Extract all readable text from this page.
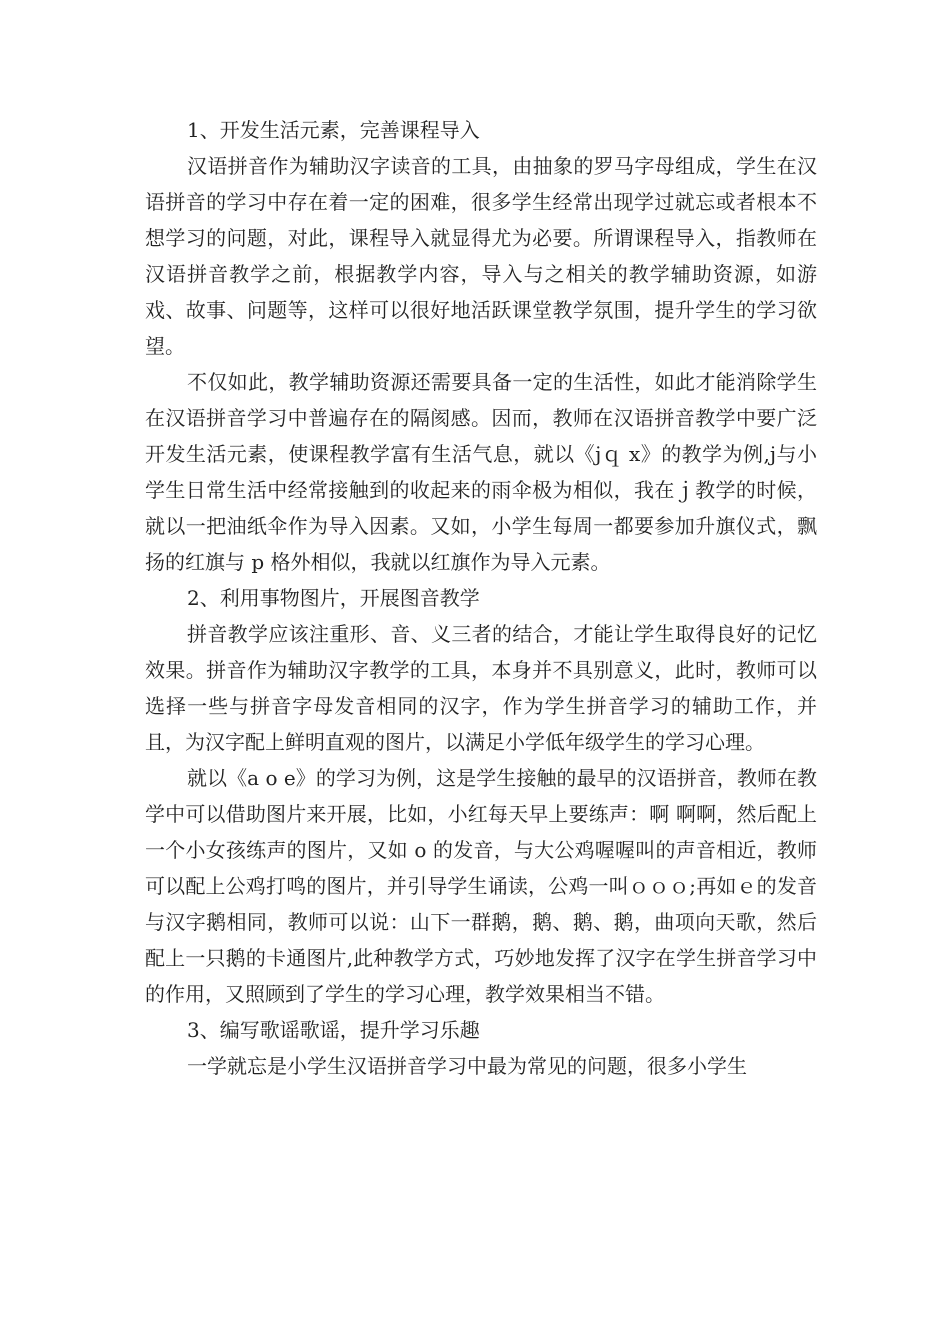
1、开发生活元素，完善课程导入

汉语拼音作为辅助汉字读音的工具，由抽象的罗马字母组成，学生在汉语拼音的学习中存在着一定的困难，很多学生经常出现学过就忘或者根本不想学习的问题，对此，课程导入就显得尤为必要。所谓课程导入，指教师在汉语拼音教学之前，根据教学内容，导入与之相关的教学辅助资源，如游戏、故事、问题等，这样可以很好地活跃课堂教学氛围，提升学生的学习欲望。

不仅如此，教学辅助资源还需要具备一定的生活性，如此才能消除学生在汉语拼音学习中普遍存在的隔阂感。因而，教师在汉语拼音教学中要广泛开发生活元素，使课程教学富有生活气息，就以《jｑ x》的教学为例,j与小学生日常生活中经常接触到的收起来的雨伞极为相似，我在ｊ教学的时候，就以一把油纸伞作为导入因素。又如，小学生每周一都要参加升旗仪式，飘扬的红旗与 p 格外相似，我就以红旗作为导入元素。

2、利用事物图片，开展图音教学

拼音教学应该注重形、音、义三者的结合，才能让学生取得良好的记忆效果。拼音作为辅助汉字教学的工具，本身并不具别意义，此时，教师可以选择一些与拼音字母发音相同的汉字，作为学生拼音学习的辅助工作，并且，为汉字配上鲜明直观的图片，以满足小学低年级学生的学习心理。

就以《a o e》的学习为例，这是学生接触的最早的汉语拼音，教师在教学中可以借助图片来开展，比如，小红每天早上要练声：啊 啊啊，然后配上一个小女孩练声的图片，又如 o 的发音，与大公鸡喔喔叫的声音相近，教师可以配上公鸡打鸣的图片，并引导学生诵读，公鸡一叫ｏｏｏ;再如ｅ的发音与汉字鹅相同，教师可以说：山下一群鹅，鹅、鹅、鹅，曲项向天歌，然后配上一只鹅的卡通图片,此种教学方式，巧妙地发挥了汉字在学生拼音学习中的作用，又照顾到了学生的学习心理，教学效果相当不错。

3、编写歌谣歌谣，提升学习乐趣

一学就忘是小学生汉语拼音学习中最为常见的问题，很多小学生
